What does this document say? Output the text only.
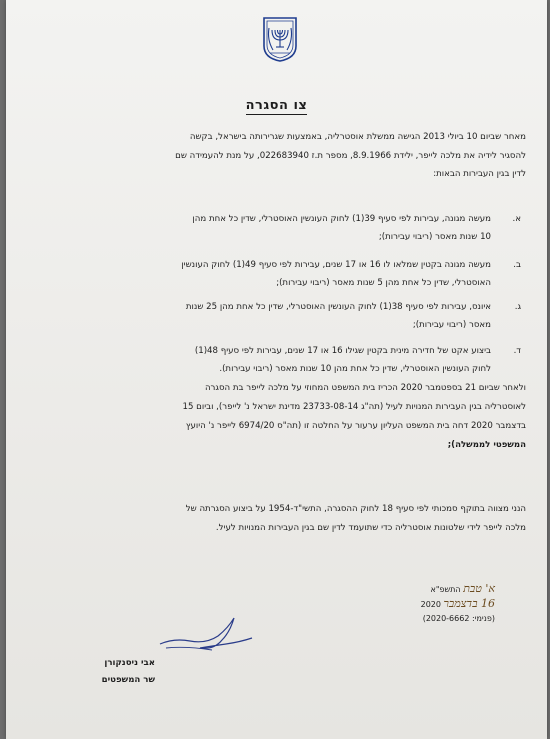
צו הסגרה
מאחר שביום 10 ביולי 2013 הגישה ממשלת אוסטרליה, באמצעות שגרירותה בישראל, בקשה
להסגיר לידיה את מלכה לייפר, ילידת 8.9.1966, מספר ת.ז 022683940, על מנת להעמידה שם
לדין בגין העבירות הבאות:
א.
מעשה מגונה, עבירות לפי סעיף 39(1) לחוק העונשין האוסטרלי, שדין כל אחת מהן
10 שנות מאסר (ריבוי עבירות);
ב.
מעשה מגונה בקטין שמלאו לו 16 או 17 שנים, עבירות לפי סעיף 49(1) לחוק העונשין
האוסטרלי, שדין כל אחת מהן 5 שנות מאסר (ריבוי עבירות);
ג.
איונס, עבירות לפי סעיף 38(1) לחוק העונשין האוסטרלי, שדין כל אחת מהן 25 שנות
מאסר (ריבוי עבירות);
ד.
ביצוע אקט של חדירה מינית בקטין שגילו 16 או 17 שנים, עבירות לפי סעיף 48(1)
לחוק העונשין האוסטרלי, שדין כל אחת מהן 10 שנות מאסר (ריבוי עבירות).
ולאחר שביום 21 בספטמבר 2020 הכריז בית המשפט המחוזי על מלכה לייפר בת הסגרה
לאוסטרליה בגין העבירות המנויות לעיל (תה"ג 23733-08-14 מדינת ישראל נ' לייפר), וביום 15
בדצמבר 2020 דחה בית המשפט העליון ערעור על החלטה זו (תה"ס 6974/20 לייפר נ' היועץ
המשפטי לממשלה);
הנני מצווה בתוקף סמכותי לפי סעיף 18 לחוק ההסגרה, התשי"ד-1954 על ביצוע הסגרתה של
מלכה לייפר לידי שלטונות אוסטרליה כדי שתועמד לדין שם בגין העבירות המנויות לעיל.
א' טבת התשפ"א
16 בדצמבר 2020
(פנימי: 2020-6662)
אבי ניסנקורן
שר המשפטים
